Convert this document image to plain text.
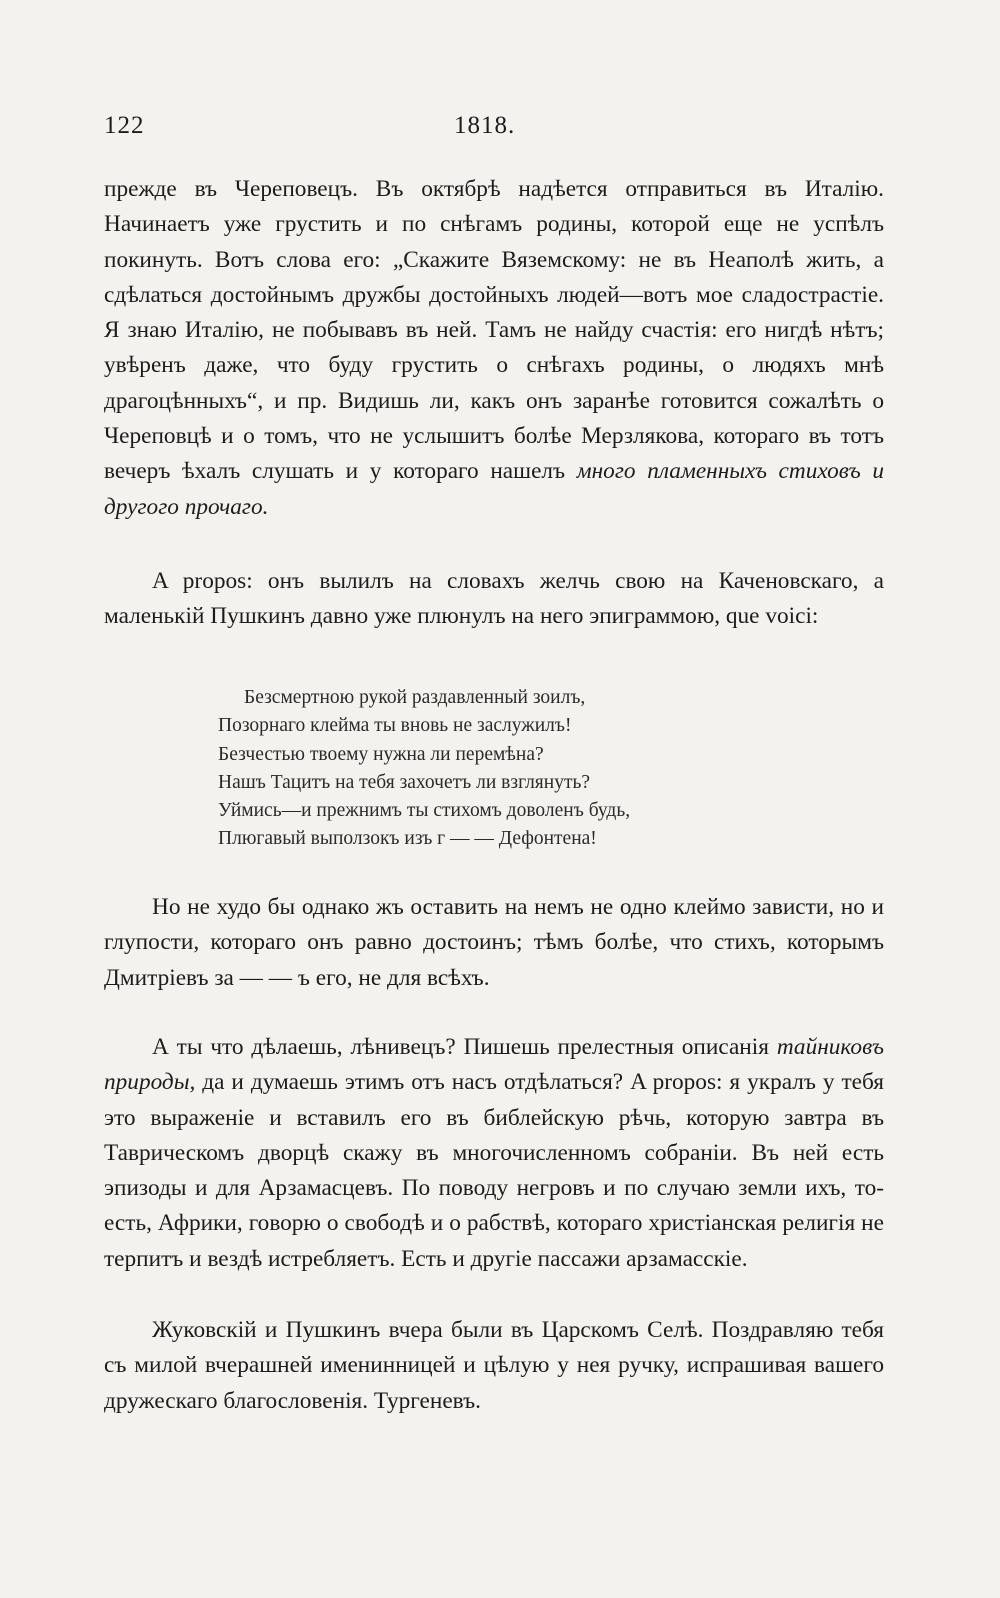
122	1818.

прежде въ Череповецъ. Въ октябрѣ надѣется отправиться въ Италію. Начинаетъ уже грустить и по снѣгамъ родины, которой еще не успѣлъ покинуть. Вотъ слова его: „Скажите Вяземскому: не въ Неаполѣ жить, а сдѣлаться достойнымъ дружбы достойныхъ людей—вотъ мое сладострастіе. Я знаю Италію, не побывавъ въ ней. Тамъ не найду счастія: его нигдѣ нѣтъ; увѣренъ даже, что буду грустить о снѣгахъ родины, о людяхъ мнѣ драгоцѣнныхъ“, и пр. Видишь ли, какъ онъ заранѣе готовится сожалѣть о Череповцѣ и о томъ, что не услышитъ болѣе Мерзлякова, котораго въ тотъ вечеръ ѣхалъ слушать и у котораго нашелъ много пламенныхъ стиховъ и другого прочаго.

A propos: онъ вылилъ на словахъ желчь свою на Каченовскаго, а маленькій Пушкинъ давно уже плюнулъ на него эпиграммою, que voici:

Безсмертною рукой раздавленный зоилъ,
Позорнаго клейма ты вновь не заслужилъ!
Безчестью твоему нужна ли перемѣна?
Нашъ Тацитъ на тебя захочетъ ли взглянуть?
Уймись—и прежнимъ ты стихомъ доволенъ будь,
Плюгавый выползокъ изъ г — — Дефонтена!

Но не худо бы однако жъ оставить на немъ не одно клеймо зависти, но и глупости, котораго онъ равно достоинъ; тѣмъ болѣе, что стихъ, которымъ Дмитріевъ за — — ъ его, не для всѣхъ.

А ты что дѣлаешь, лѣнивецъ? Пишешь прелестныя описанія тайниковъ природы, да и думаешь этимъ отъ насъ отдѣлаться? A propos: я укралъ у тебя это выраженіе и вставилъ его въ библейскую рѣчь, которую завтра въ Таврическомъ дворцѣ скажу въ многочисленномъ собраніи. Въ ней есть эпизоды и для Арзамасцевъ. По поводу негровъ и по случаю земли ихъ, то-есть, Африки, говорю о свободѣ и о рабствѣ, котораго христіанская религія не терпитъ и вездѣ истребляетъ. Есть и другіе пассажи арзамасскіе.

Жуковскій и Пушкинъ вчера были въ Царскомъ Селѣ. Поздравляю тебя съ милой вчерашней именинницей и цѣлую у нея ручку, испрашивая вашего дружескаго благословенія. Тургеневъ.
